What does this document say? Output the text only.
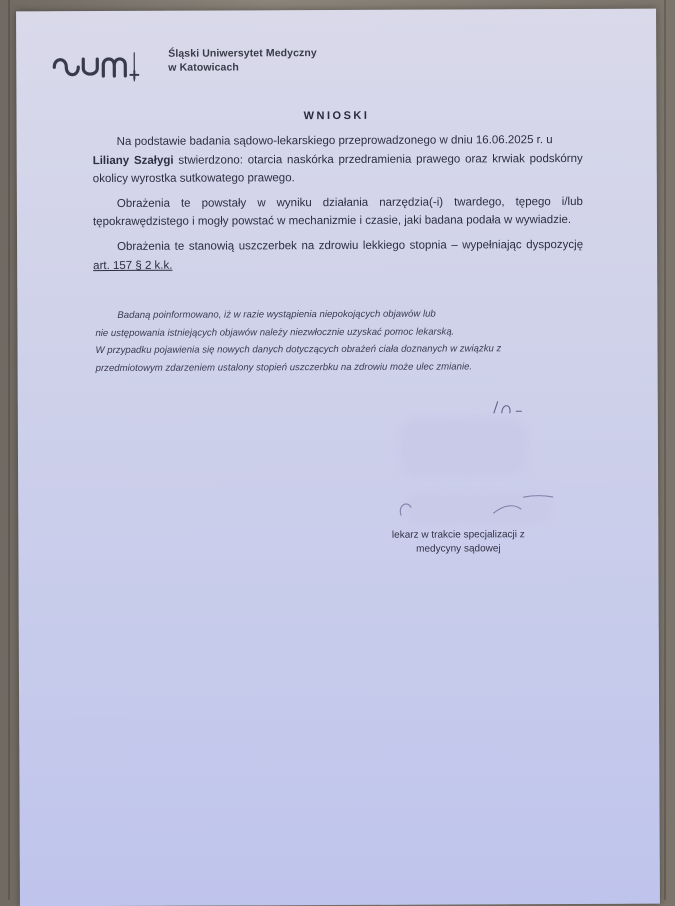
Śląski Uniwersytet Medyczny
w Katowicach
WNIOSKI

Na podstawie badania sądowo-lekarskiego przeprowadzonego w dniu 16.06.2025 r. u
Liliany Szałygi stwierdzono: otarcia naskórka przedramienia prawego oraz krwiak podskórny okolicy wyrostka sutkowatego prawego.

Obrażenia te powstały w wyniku działania narzędzia(-i) twardego, tępego i/lub tępokrawędzistego i mogły powstać w mechanizmie i czasie, jaki badana podała w wywiadzie.

Obrażenia te stanowią uszczerbek na zdrowiu lekkiego stopnia – wypełniając dyspozycję art. 157 § 2 k.k.

Badaną poinformowano, iż w razie wystąpienia niepokojących objawów lub
nie ustępowania istniejących objawów należy niezwłocznie uzyskać pomoc lekarską.
W przypadku pojawienia się nowych danych dotyczących obrażeń ciała doznanych w związku z
przedmiotowym zdarzeniem ustalony stopień uszczerbku na zdrowiu może ulec zmianie.
lekarz w trakcie specjalizacji z
medycyny sądowej
